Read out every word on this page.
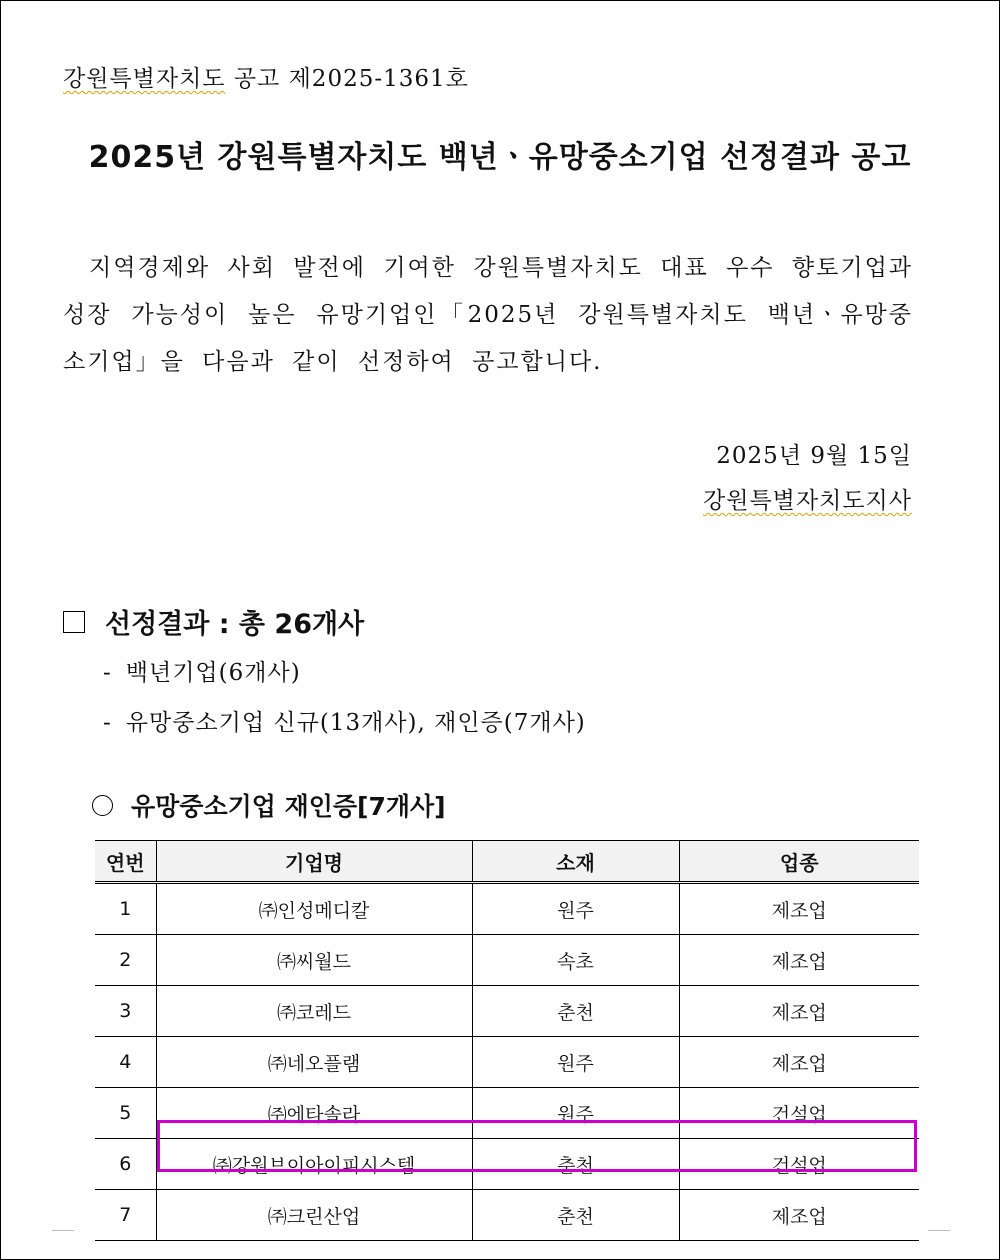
강원특별자치도 공고 제2025-1361호
2025년 강원특별자치도 백년ㆍ유망중소기업 선정결과 공고

지역경제와 사회 발전에 기여한 강원특별자치도 대표 우수 향토기업과 성장 가능성이 높은 유망기업인「2025년 강원특별자치도 백년ㆍ유망중소기업」을 다음과 같이 선정하여 공고합니다.

2025년 9월 15일
강원특별자치도지사
선정결과 : 총 26개사
- 백년기업(6개사)
- 유망중소기업 신규(13개사), 재인증(7개사)
유망중소기업 재인증[7개사]
연번	기업명	소재	업종
1	㈜인성메디칼	원주	제조업
2	㈜씨월드	속초	제조업
3	㈜코레드	춘천	제조업
4	㈜네오플램	원주	제조업
5	㈜에타솔라	원주	건설업
6	㈜강원브이아이피시스템	춘천	건설업
7	㈜크린산업	춘천	제조업
